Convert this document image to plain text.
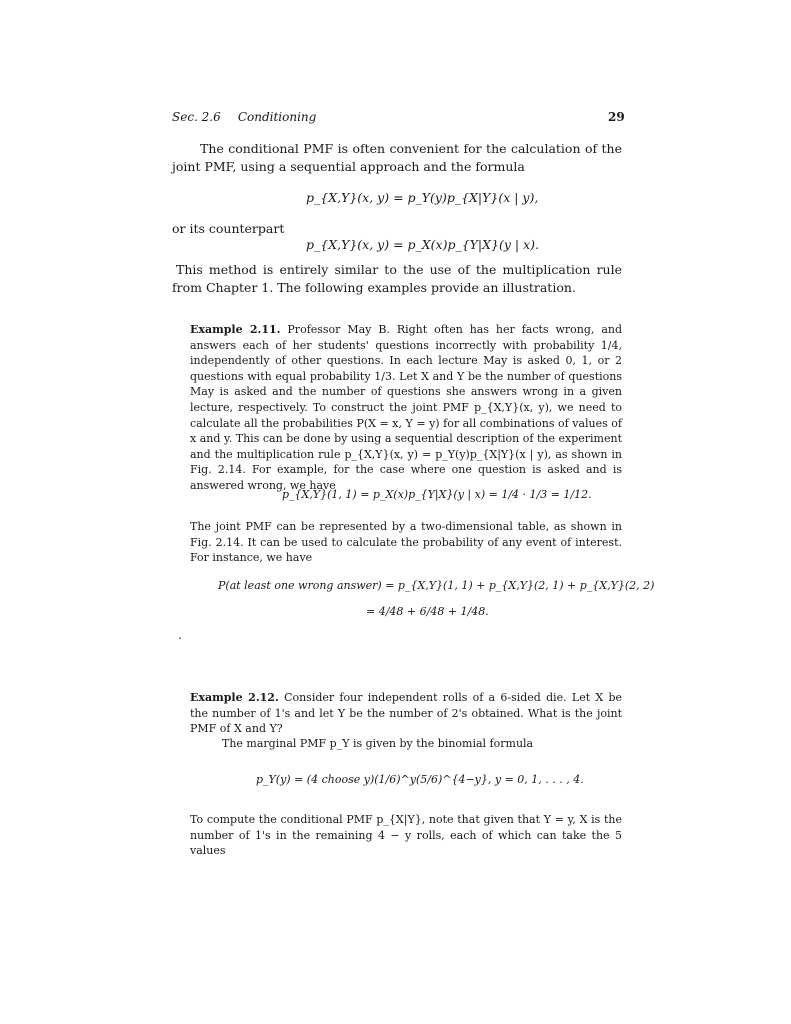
Sec. 2.6 Conditioning	29
The conditional PMF is often convenient for the calculation of the joint PMF, using a sequential approach and the formula
p_{X,Y}(x, y) = p_Y(y)p_{X|Y}(x | y),
or its counterpart
p_{X,Y}(x, y) = p_X(x)p_{Y|X}(y | x).
This method is entirely similar to the use of the multiplication rule from Chapter 1. The following examples provide an illustration.
Example 2.11. Professor May B. Right often has her facts wrong, and answers each of her students' questions incorrectly with probability 1/4, independently of other questions. In each lecture May is asked 0, 1, or 2 questions with equal probability 1/3. Let X and Y be the number of questions May is asked and the number of questions she answers wrong in a given lecture, respectively. To construct the joint PMF p_{X,Y}(x, y), we need to calculate all the probabilities P(X = x, Y = y) for all combinations of values of x and y. This can be done by using a sequential description of the experiment and the multiplication rule p_{X,Y}(x, y) = p_Y(y)p_{X|Y}(x | y), as shown in Fig. 2.14. For example, for the case where one question is asked and is answered wrong, we have
p_{X,Y}(1, 1) = p_X(x)p_{Y|X}(y | x) = 1/4 · 1/3 = 1/12.
The joint PMF can be represented by a two-dimensional table, as shown in Fig. 2.14. It can be used to calculate the probability of any event of interest. For instance, we have
P(at least one wrong answer) = p_{X,Y}(1, 1) + p_{X,Y}(2, 1) + p_{X,Y}(2, 2)
= 4/48 + 6/48 + 1/48.
.
Example 2.12. Consider four independent rolls of a 6-sided die. Let X be the number of 1's and let Y be the number of 2's obtained. What is the joint PMF of X and Y?
The marginal PMF p_Y is given by the binomial formula
p_Y(y) = (4 choose y)(1/6)^y(5/6)^{4−y}, y = 0, 1, . . . , 4.
To compute the conditional PMF p_{X|Y}, note that given that Y = y, X is the number of 1's in the remaining 4 − y rolls, each of which can take the 5 values
